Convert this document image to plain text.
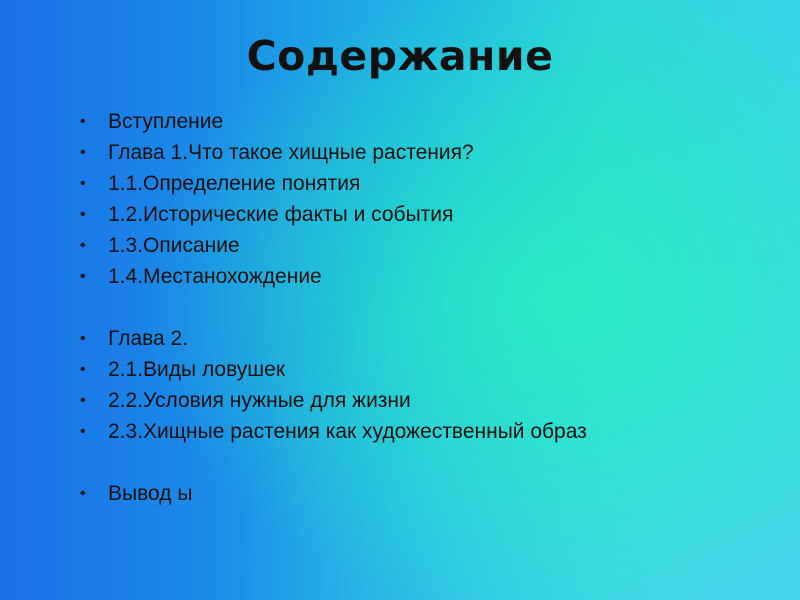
Содержание
•	Вступление
•	Глава 1.Что такое хищные растения?
•	1.1.Определение понятия
•	1.2.Исторические факты и события
•	1.3.Описание
•	1.4.Местанохождение
•	Глава 2.
•	2.1.Виды ловушек
•	2.2.Условия нужные для жизни
•	2.3.Хищные растения как художественный образ
•	Вывод ы
